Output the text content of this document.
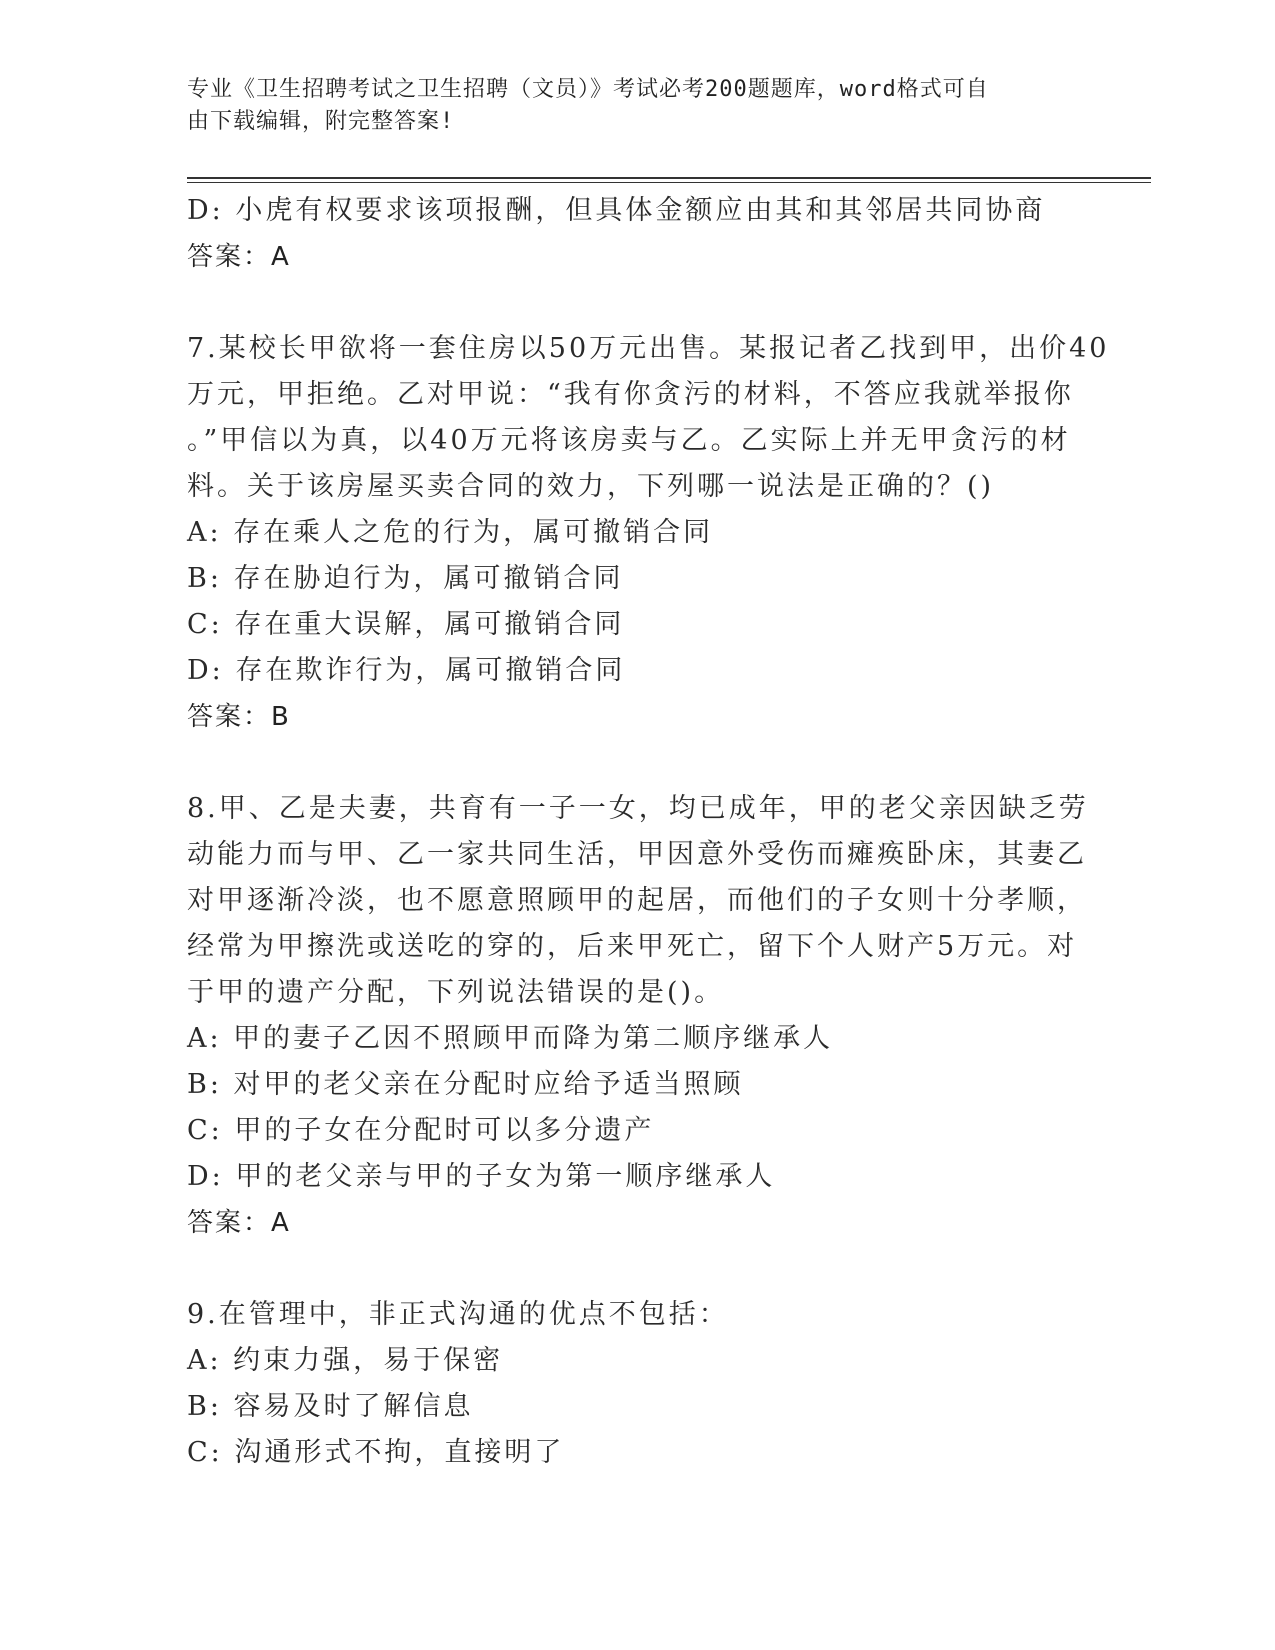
专业《卫生招聘考试之卫生招聘（文员）》考试必考200题题库，word格式可自
由下载编辑，附完整答案!
D: 小虎有权要求该项报酬，但具体金额应由其和其邻居共同协商
答案：A
7.某校长甲欲将一套住房以50万元出售。某报记者乙找到甲，出价40
万元，甲拒绝。乙对甲说：“我有你贪污的材料，不答应我就举报你
。”甲信以为真，以40万元将该房卖与乙。乙实际上并无甲贪污的材
料。关于该房屋买卖合同的效力，下列哪一说法是正确的？()
A: 存在乘人之危的行为，属可撤销合同
B: 存在胁迫行为，属可撤销合同
C: 存在重大误解，属可撤销合同
D: 存在欺诈行为，属可撤销合同
答案：B
8.甲、乙是夫妻，共育有一子一女，均已成年，甲的老父亲因缺乏劳
动能力而与甲、乙一家共同生活，甲因意外受伤而瘫痪卧床，其妻乙
对甲逐渐冷淡，也不愿意照顾甲的起居，而他们的子女则十分孝顺，
经常为甲擦洗或送吃的穿的，后来甲死亡，留下个人财产5万元。对
于甲的遗产分配，下列说法错误的是()。
A: 甲的妻子乙因不照顾甲而降为第二顺序继承人
B: 对甲的老父亲在分配时应给予适当照顾
C: 甲的子女在分配时可以多分遗产
D: 甲的老父亲与甲的子女为第一顺序继承人
答案：A
9.在管理中，非正式沟通的优点不包括：
A: 约束力强，易于保密
B: 容易及时了解信息
C: 沟通形式不拘，直接明了
